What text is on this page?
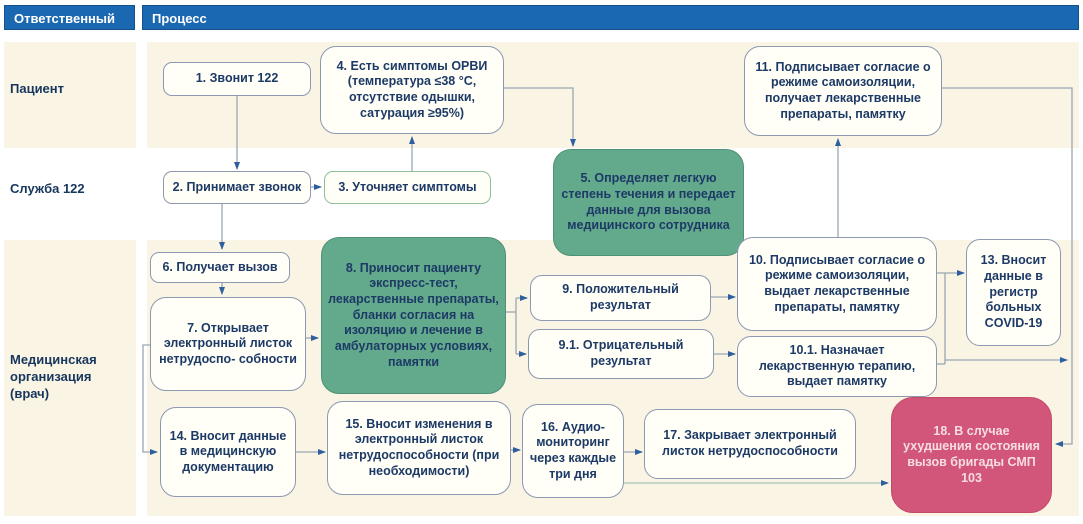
Ответственный	Процесс
Пациент
Служба 122
Медицинская организация (врач)
1. Звонит 122
4. Есть симптомы ОРВИ (температура ≤38 °C, отсутствие одышки, сатурация ≥95%)
11. Подписывает согласие о режиме самоизоляции, получает лекарственные препараты, памятку
2. Принимает звонок	3. Уточняет симптомы
5. Определяет легкую степень течения и передает данные для вызова медицинского сотрудника
6. Получает вызов
7. Открывает электронный листок нетрудоспо- собности
8. Приносит пациенту экспресс-тест, лекарственные препараты, бланки согласия на изоляцию и лечение в амбулаторных условиях, памятки
9. Положительный результат
9.1. Отрицательный результат
10. Подписывает согласие о режиме самоизоляции, выдает лекарственные препараты, памятку
10.1. Назначает лекарственную терапию, выдает памятку
13. Вносит данные в регистр больных COVID-19
14. Вносит данные в медицинскую документацию
15. Вносит изменения в электронный листок нетрудоспособности (при необходимости)
16. Аудио- мониторинг через каждые три дня
17. Закрывает электронный листок нетрудоспособности
18. В случае ухудшения состояния вызов бригады СМП 103
